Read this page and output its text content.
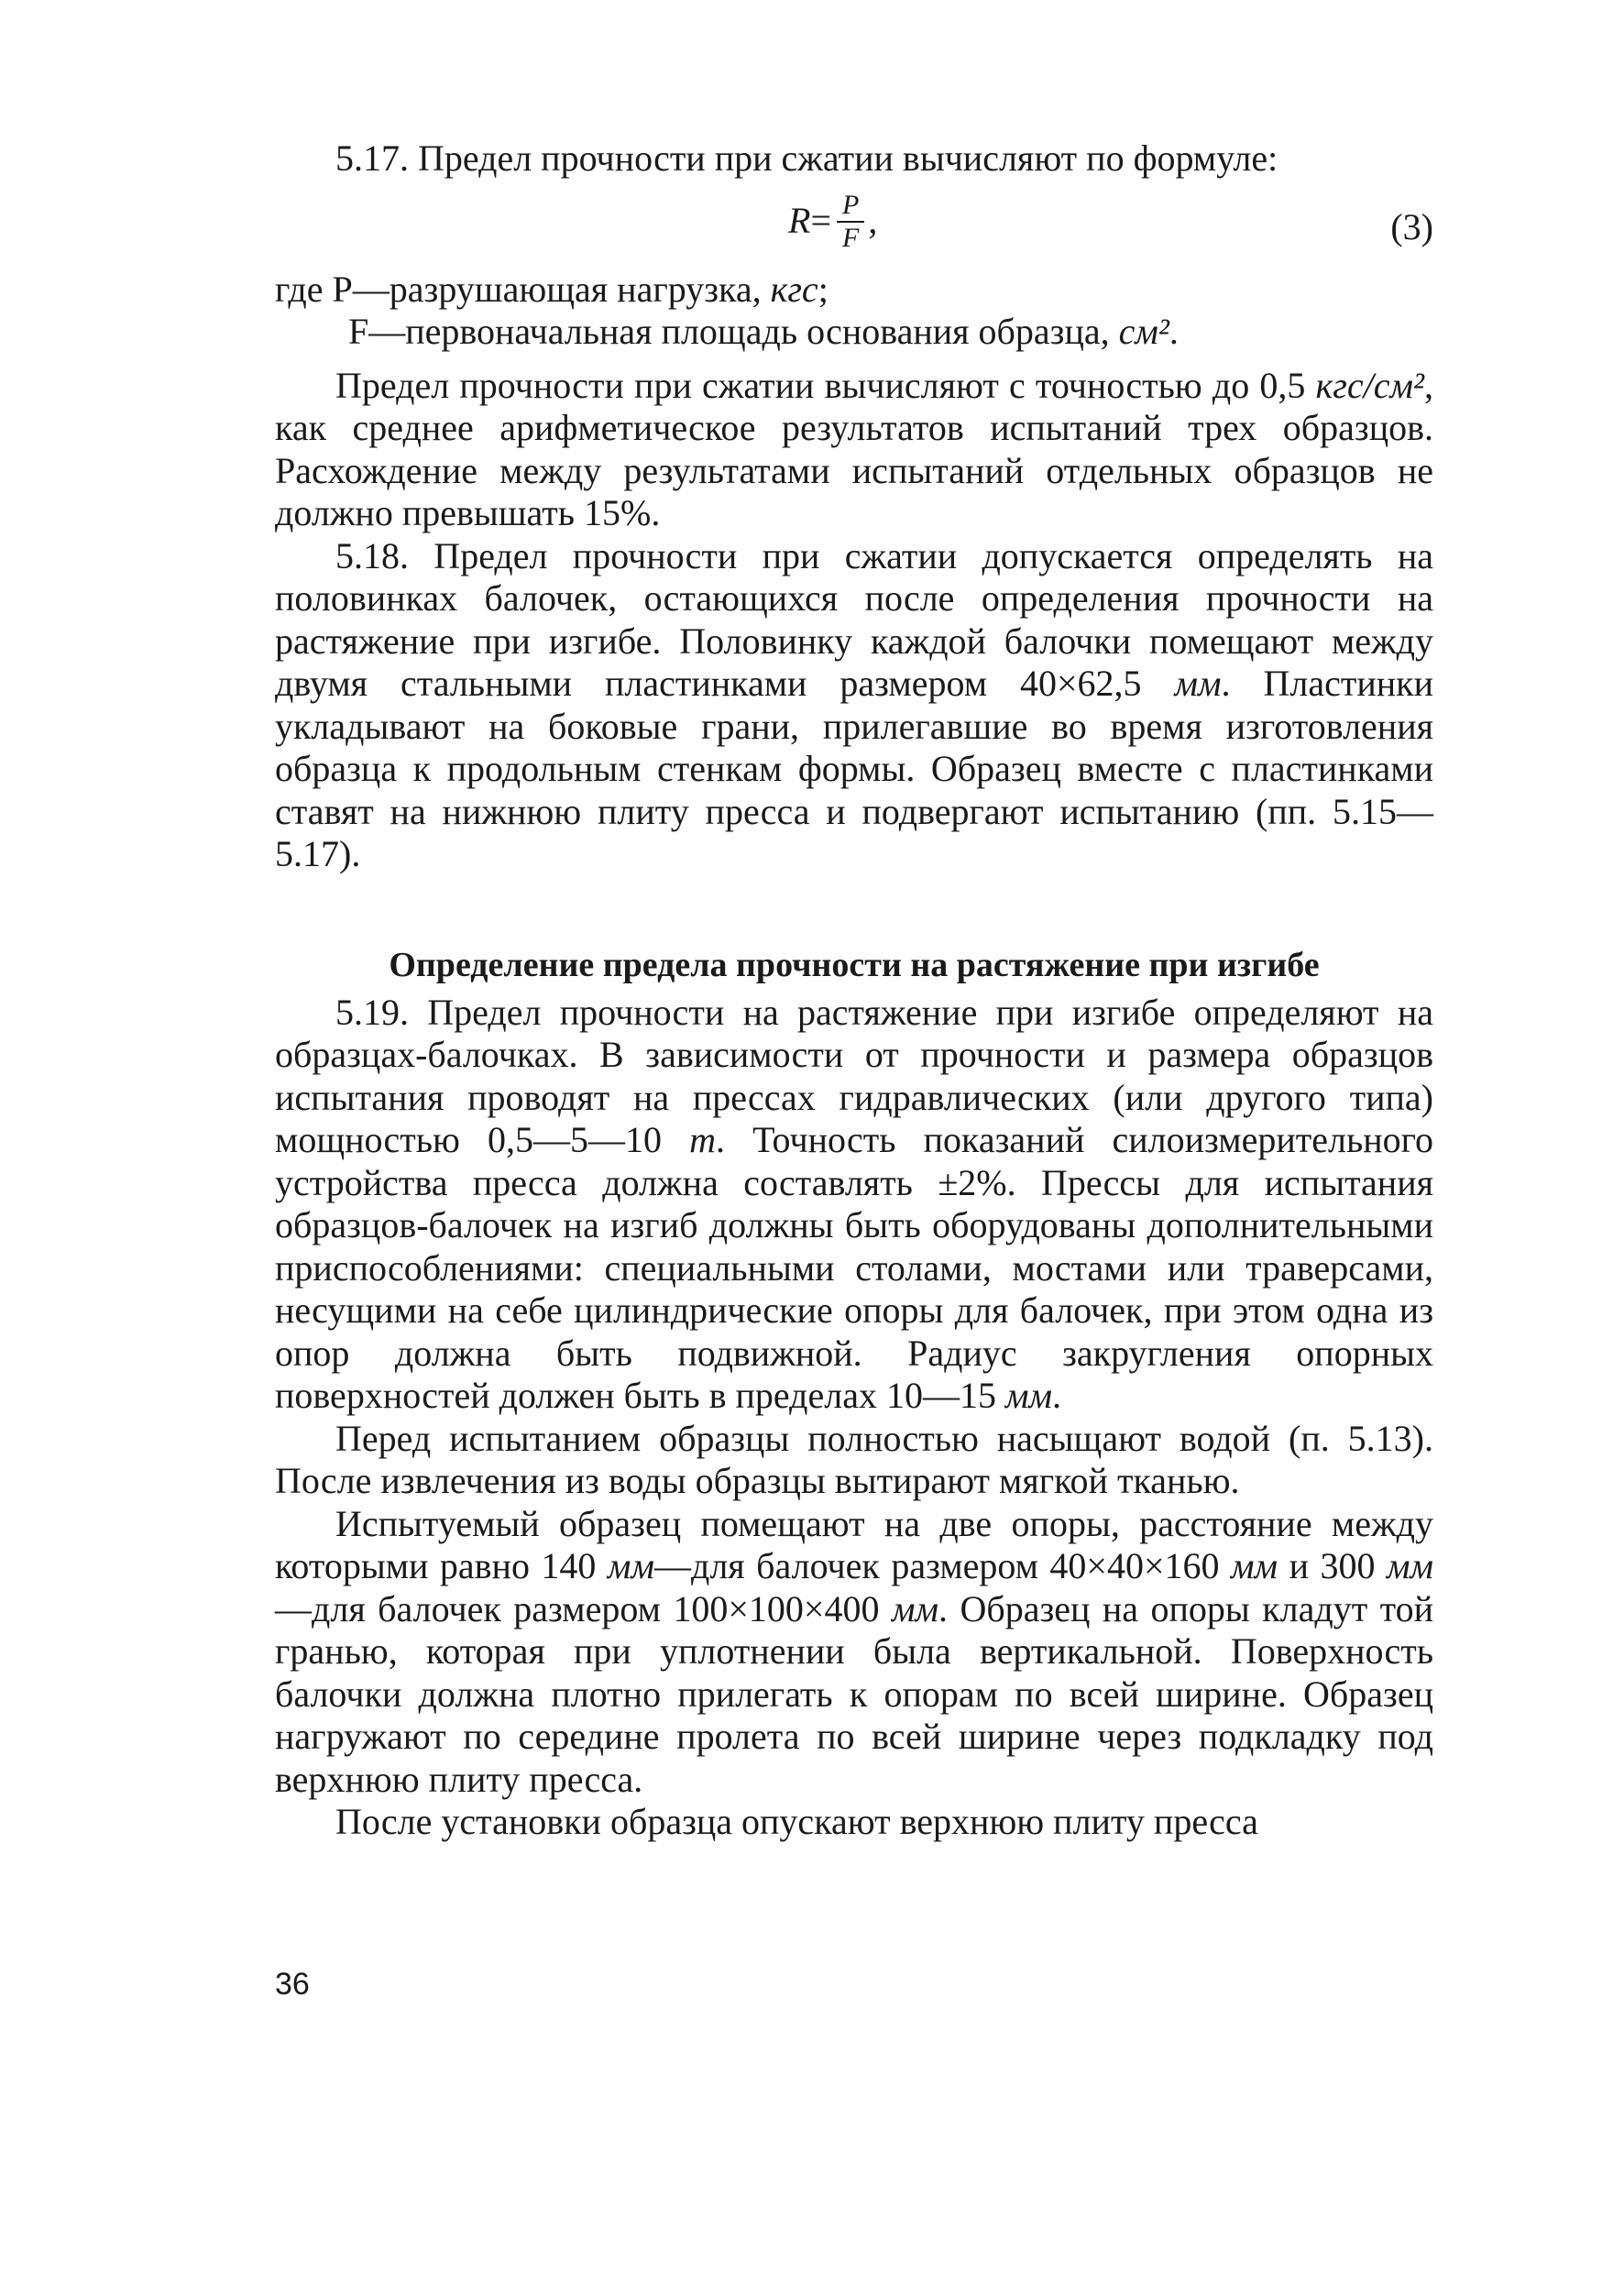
5.17. Предел прочности при сжатии вычисляют по формуле:

$R = \frac{P}{F}$ ,	(3)

где P—разрушающая нагрузка, кгс;

F—первоначальная площадь основания образца, см².

Предел прочности при сжатии вычисляют с точностью до 0,5 кгс/см², как среднее арифметическое результатов испытаний трех образцов. Расхождение между результатами испытаний отдельных образцов не должно превышать 15%.

5.18. Предел прочности при сжатии допускается определять на половинках балочек, остающихся после определения прочности на растяжение при изгибе. Половинку каждой балочки помещают между двумя стальными пластинками размером 40×62,5 мм. Пластинки укладывают на боковые грани, прилегавшие во время изготовления образца к продольным стенкам формы. Образец вместе с пластинками ставят на нижнюю плиту пресса и подвергают испытанию (пп. 5.15—5.17).

Определение предела прочности на растяжение при изгибе

5.19. Предел прочности на растяжение при изгибе определяют на образцах-балочках. В зависимости от прочности и размера образцов испытания проводят на прессах гидравлических (или другого типа) мощностью 0,5—5—10 т. Точность показаний силоизмерительного устройства пресса должна составлять ±2%. Прессы для испытания образцов-балочек на изгиб должны быть оборудованы дополнительными приспособлениями: специальными столами, мостами или траверсами, несущими на себе цилиндрические опоры для балочек, при этом одна из опор должна быть подвижной. Радиус закругления опорных поверхностей должен быть в пределах 10—15 мм.

Перед испытанием образцы полностью насыщают водой (п. 5.13). После извлечения из воды образцы вытирают мягкой тканью.

Испытуемый образец помещают на две опоры, расстояние между которыми равно 140 мм—для балочек размером 40×40×160 мм и 300 мм—для балочек размером 100×100×400 мм. Образец на опоры кладут той гранью, которая при уплотнении была вертикальной. Поверхность балочки должна плотно прилегать к опорам по всей ширине. Образец нагружают по середине пролета по всей ширине через подкладку под верхнюю плиту пресса.

После установки образца опускают верхнюю плиту пресса

36
